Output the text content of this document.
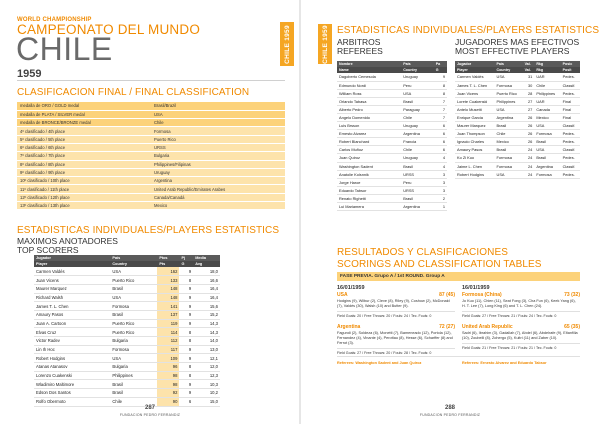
CHILE 1959
WORLD CHAMPIONSHIP
CAMPEONATO DEL MUNDO
CHILE
1959
CLASIFICACION FINAL / FINAL CLASSIFICATION
medalla de ORO / GOLD medal	Brasil/Brazil
medalla de PLATA / SILVER medal	USA
medalla de BRONCE/BRONZE medal	Chile
4º clasificado / 4th place	Formosa
5º clasificado / 5th place	Puerto Rico
6º clasificado / 6th place	URSS
7º clasificado / 7th place	Bulgaria
8º clasificado / 8th place	Philippines/Filipinas
9º clasificado / 9th place	Uruguay
10º clasificado / 10th place	Argentina
11º clasificado / 11th place	United Arab Republic/Emirates Arabes
12º clasificado / 12th place	Canada/Canadá
13º clasificado / 13th place	Mexico
ESTADISTICAS INDIVIDUALES/PLAYERS ESTATISTICS
MAXIMOS ANOTADORES
TOP SCORERS
Jugador	País	Ptos	Pj	Media
Player	Country	Pts	G	Avg
Carmen Valdés	USA	162	9	18,0
Juan Vicens	Puerto Rico	133	8	16,6
Maurer Marquez	Brasil	148	9	16,4
Richard Walsh	USA	148	9	16,4
James T. L. Chen	Formosa	141	9	15,6
Amaury Pasos	Brasil	137	9	15,2
Juan A. Cartoon	Puerto Rico	119	9	14,3
Elvas Cruz	Puerto Rico	114	8	14,3
Victor Radev	Bulgaria	112	8	14,0
Lin Ih Hoc	Formosa	117	9	13,0
Robert Hodgins	USA	109	9	12,1
Atanas Atanasov	Bulgaria	96	8	12,0
Lorenzo Cuakenski	Philippines	98	8	12,3
Wladimiro Maltimore	Brasil	98	9	10,3
Edson Dos Santos	Brasil	92	9	10,2
Rolfo Obermoto	Chile	90	6	15,0
287
FUNDACION PEDRO FERRANDIZ
CHILE 1959 ESTADISTICAS INDIVIDUALES/PLAYERS ESTATISTICS
ARBITROS
REFEREES
JUGADORES MAS EFECTIVOS
MOST EFFECTIVE PLAYERS
Nombre	País	Pa
Name	Country	G
Dagoberto Cemesola	Uruguay	9
Edmundo Nordi	Peru	8
William Ross	USA	8
Orlando Tabasa	Brasil	7
Alberto Pedro	Paraguay	7
Angelo Domenido	Chile	7
Luis Brsson	Uruguay	6
Ernesto Alvarez	Argentina	6
Robert Blanchard	Francia	6
Carlos Muñoz	Chile	6
Juan Quiroz	Uruguay	4
Washington Sadent	Brasil	4
Anatolie Kolsnnik	URSS	3
Jorge Haroe	Peru	3
Eduardo Tabsor	URSS	3
Renato Righetti	Brasil	2
Lui Mariamera	Argentina	1
Jugador	País	Val.	Rkg	Posic
Player	Country	Val.	Rkg	Posit
Carmen Valdés	USA	31	UAR	Pedes.
James T. L. Chen	Formosa	30	Chile	Classif.
Juan Vicens	Puerto Rico	28	Philippines	Pedes.
Lorete Cuakenski	Philippines	27	UAR	Final
Antelo Musetti	USA	27	Canada	Final
Enrique Garcia	Argentina	26	Mexico	Final
Maurer Marquez	Brasil	26	USA	Classif.
Juan Thompson	Chile	26	Formosa	Pedes.
Ignacio Charles	Mexico	26	Brasil	Pedes.
Amaury Pasos	Brasil	24	USA	Classif.
Ko Zi Kuo	Formosa	24	Brasil	Pedes.
Jaime L. Chen	Formosa	24	Argentina	Classif.
Robert Hodgins	USA	24	Formosa	Pedes.
RESULTADOS Y CLASIFICACIONES
SCORINGS AND CLASSIFICATION TABLES
FASE PREVIA. Grupo A / 1st ROUND. Group A
16/01/1959
USA	87 (45)
Hodgins (9), Wilbur (2), Cleve (8), Riley (9), Coshow (2), McDonald (7), Valdés (30), Walsh (10) and Butter (9).
Field Goals: 20 / Free Throws: 20 / Fouls: 24 / Tec. Fouls: 0
16/01/1959
Formosa (China)	73 (32)
Jo Kuo (11), Chien (11), Seat Fong (3), Cha Fun (6), Keek Yang (6), H. T. Lee (7), Long King (6) and T. L. Chen (24).
Field Goals: 27 / Free Throws: 21 / Fouls: 24 / Tec. Fouls: 0
Argentina	72 (27)
Fagundi (2), Soldeza (6), Monetti (7), Bameneado (12), Portola (12), Fernandez (4), Vinante (4), Perottau (8), Hesse (6), Scharffer (8) and Ferrot (3).
Field Goals: 27 / Free Throws: 20 / Fouls: 28 / Tec. Fouls: 0
United Arab Republic	65 (35)
Sadri (6), Ibrahim (3), Gadallah (7), Abdel (6), Abdelrafe (9), Eltanfilia (10), Zoubelli (8), Zohergo (5), Kuitri (11) and Zaber (10).
Field Goals: 21 / Free Throws: 21 / Fouls: 21 / Tec. Fouls: 0
Referees: Washington Sadent and Juan Quiroz	Referees: Ernesto Alvarez and Eduardo Tabsor
288
FUNDACION PEDRO FERRANDIZ
